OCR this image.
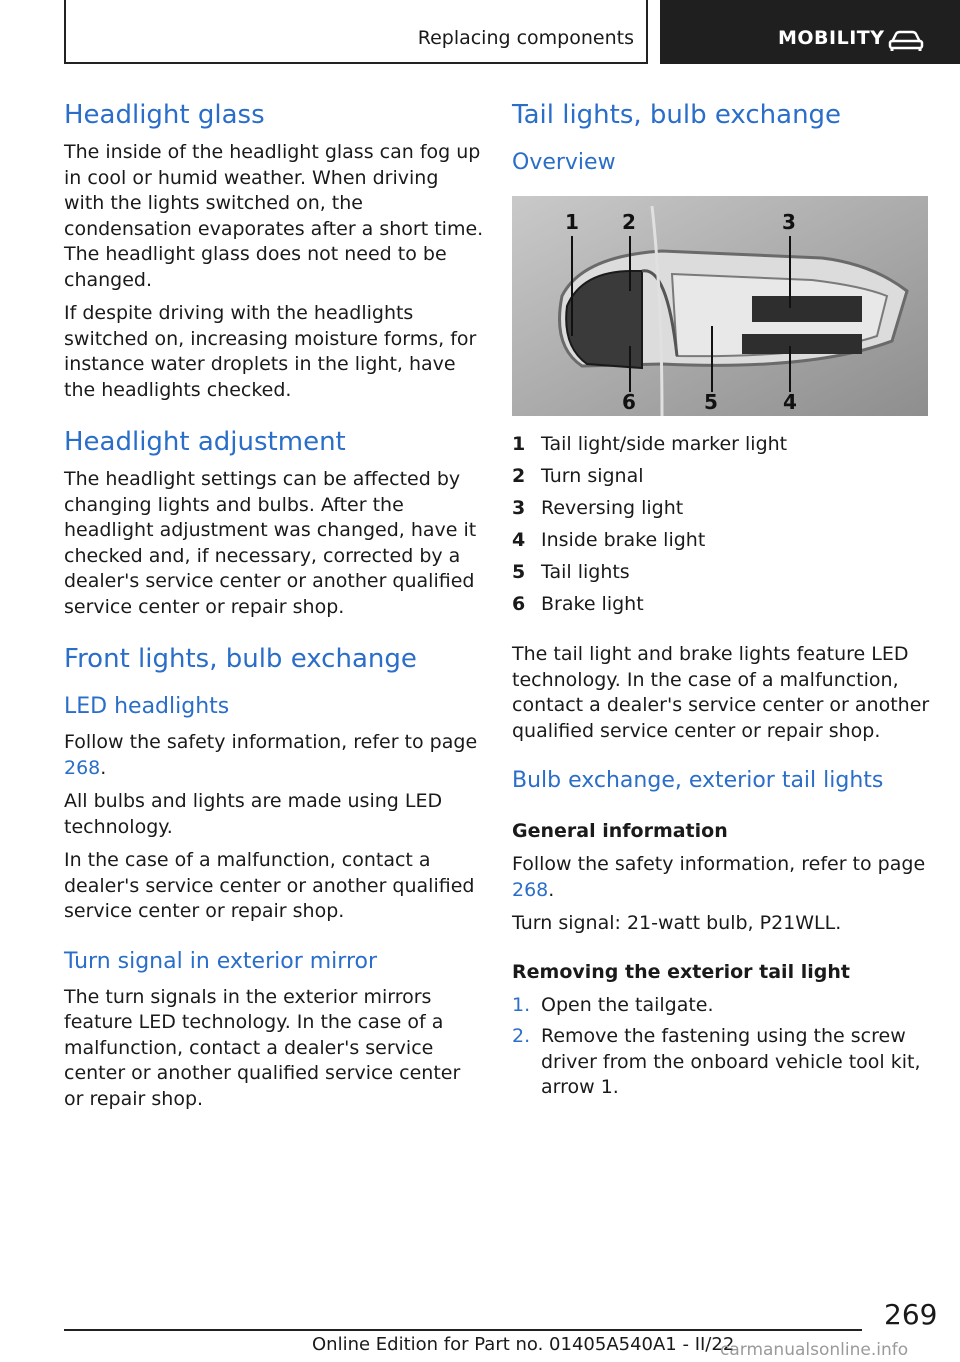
Replacing components	MOBILITY
Headlight glass

The inside of the headlight glass can fog up in cool or humid weather. When driving with the lights switched on, the condensation evaporates after a short time. The headlight glass does not need to be changed.

If despite driving with the headlights switched on, increasing moisture forms, for instance water droplets in the light, have the headlights checked.

Headlight adjustment

The headlight settings can be affected by changing lights and bulbs. After the headlight adjustment was changed, have it checked and, if necessary, corrected by a dealer's service center or another qualified service center or repair shop.

Front lights, bulb exchange
LED headlights

Follow the safety information, refer to page 268.

All bulbs and lights are made using LED technology.

In the case of a malfunction, contact a dealer's service center or another qualified service center or repair shop.

Turn signal in exterior mirror

The turn signals in the exterior mirrors feature LED technology. In the case of a malfunction, contact a dealer's service center or another qualified service center or repair shop.

Tail lights, bulb exchange
Overview
1 2	3
6	5	4
1 Tail light/side marker light
2 Turn signal
3 Reversing light
4 Inside brake light
5 Tail lights
6 Brake light

The tail light and brake lights feature LED technology. In the case of a malfunction, contact a dealer's service center or another qualified service center or repair shop.

Bulb exchange, exterior tail lights
General information

Follow the safety information, refer to page 268.

Turn signal: 21-watt bulb, P21WLL.

Removing the exterior tail light
1. Open the tailgate.
2. Remove the fastening using the screw driver from the onboard vehicle tool kit, arrow 1.
269
Online Edition for Part no. 01405A540A1 - II/22
carmanualsonline.info
